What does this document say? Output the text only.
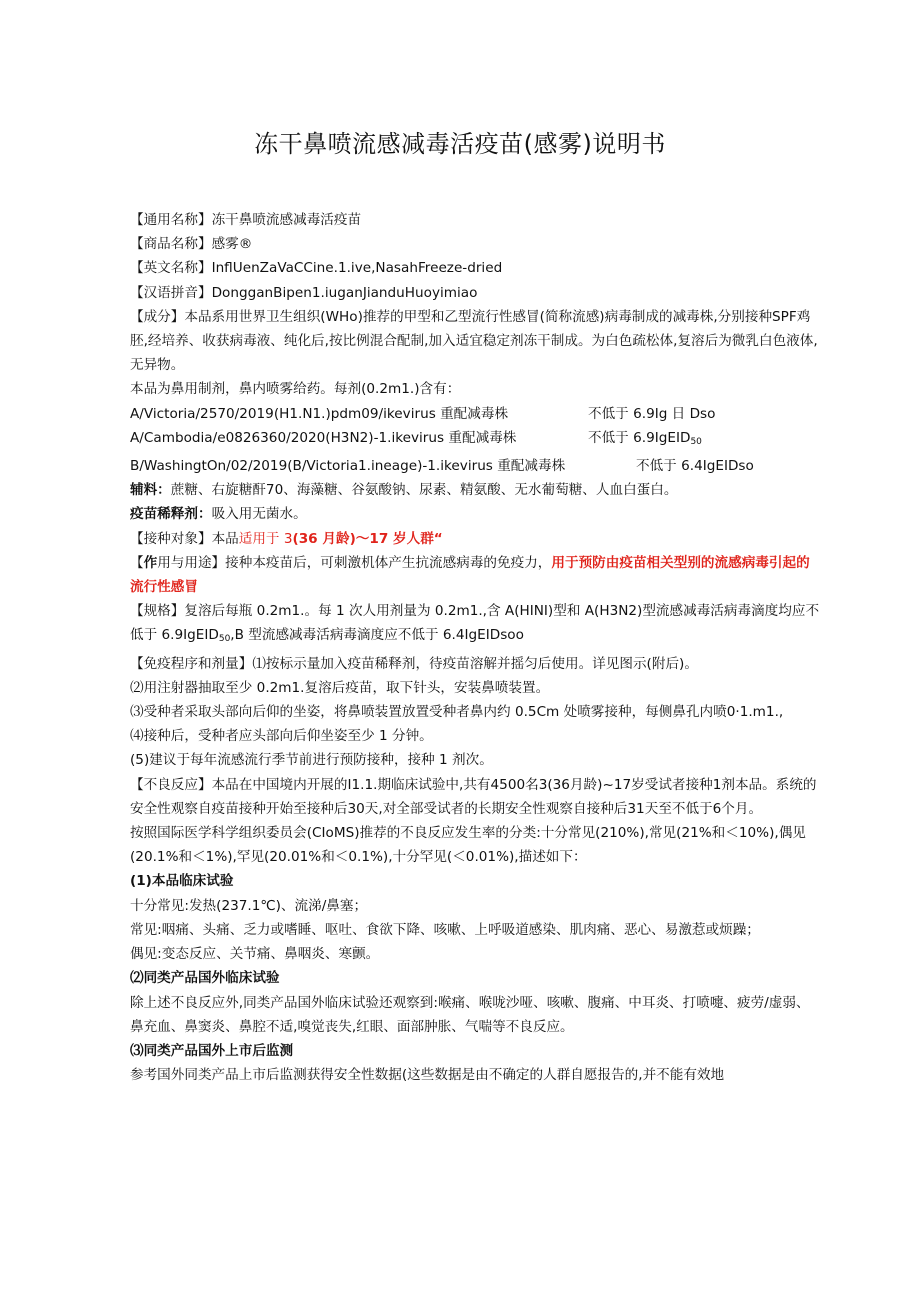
冻干鼻喷流感减毒活疫苗(感雾)说明书
【通用名称】冻干鼻喷流感减毒活疫苗
【商品名称】感雾®
【英文名称】InflUenZaVaCCine.1.ive,NasahFreeze-dried
【汉语拼音】DongganBipen1.iuganJianduHuoyimiao
【成分】本品系用世界卫生组织(WHo)推荐的甲型和乙型流行性感冒(简称流感)病毒制成的减毒株,分别接种SPF鸡胚,经培养、收获病毒液、纯化后,按比例混合配制,加入适宜稳定剂冻干制成。为白色疏松体,复溶后为微乳白色液体,无异物。
本品为鼻用制剂，鼻内喷雾给药。每剂(0.2m1.)含有：
A∕Victoria∕2570∕2019(H1.N1.)pdm09∕ikevirus 重配减毒株	不低于 6.9Ig 日 Dso
A∕Cambodia∕e0826360∕2020(H3N2)-1.ikevirus 重配减毒株	不低于 6.9IgEID$_{50}$
B/WashingtOn∕02∕2019(B∕Victoria1.ineage)-1.ikevirus 重配减毒株	不低于 6.4IgEIDso
辅料：蔗糖、右旋糖酐70、海藻糖、谷氨酸钠、尿素、精氨酸、无水葡萄糖、人血白蛋白。
疫苗稀释剂：吸入用无菌水。
【接种对象】本品适用于 3(36 月龄)～17 岁人群“
【作用与用途】接种本疫苗后，可刺激机体产生抗流感病毒的免疫力，用于预防由疫苗相关型别的流感病毒引起的流行性感冒
【规格】复溶后每瓶 0.2m1.。每 1 次人用剂量为 0.2m1.,含 A(HINI)型和 A(H3N2)型流感减毒活病毒滴度均应不低于 6.9IgEID$_{50}$,B 型流感减毒活病毒滴度应不低于 6.4IgEIDsoo
【免疫程序和剂量】⑴按标示量加入疫苗稀释剂，待疫苗溶解并摇匀后使用。详见图示(附后)。
⑵用注射器抽取至少 0.2m1.复溶后疫苗，取下针头，安装鼻喷装置。
⑶受种者采取头部向后仰的坐姿，将鼻喷装置放置受种者鼻内约 0.5Cm 处喷雾接种，每侧鼻孔内喷0·1.m1.,
⑷接种后，受种者应头部向后仰坐姿至少 1 分钟。
(5)建议于每年流感流行季节前进行预防接种，接种 1 剂次。
【不良反应】本品在中国境内开展的I1.1.期临床试验中,共有4500名3(36月龄)~17岁受试者接种1剂本品。系统的安全性观察自疫苗接种开始至接种后30天,对全部受试者的长期安全性观察自接种后31天至不低于6个月。
按照国际医学科学组织委员会(CIoMS)推荐的不良反应发生率的分类:十分常见(210%),常见(21%和＜10%),偶见(20.1%和＜1%),罕见(20.01%和＜0.1%),十分罕见(＜0.01%),描述如下：
(1)本品临床试验
十分常见:发热(237.1℃)、流涕/鼻塞；
常见:咽痛、头痛、乏力或嗜睡、呕吐、食欲下降、咳嗽、上呼吸道感染、肌肉痛、恶心、易激惹或烦躁；
偶见:变态反应、关节痛、鼻咽炎、寒颤。
⑵同类产品国外临床试验
除上述不良反应外,同类产品国外临床试验还观察到:喉痛、喉咙沙哑、咳嗽、腹痛、中耳炎、打喷嚏、疲劳/虚弱、鼻充血、鼻窦炎、鼻腔不适,嗅觉丧失,红眼、面部肿胀、气喘等不良反应。
⑶同类产品国外上市后监测
参考国外同类产品上市后监测获得安全性数据(这些数据是由不确定的人群自愿报告的,并不能有效地
